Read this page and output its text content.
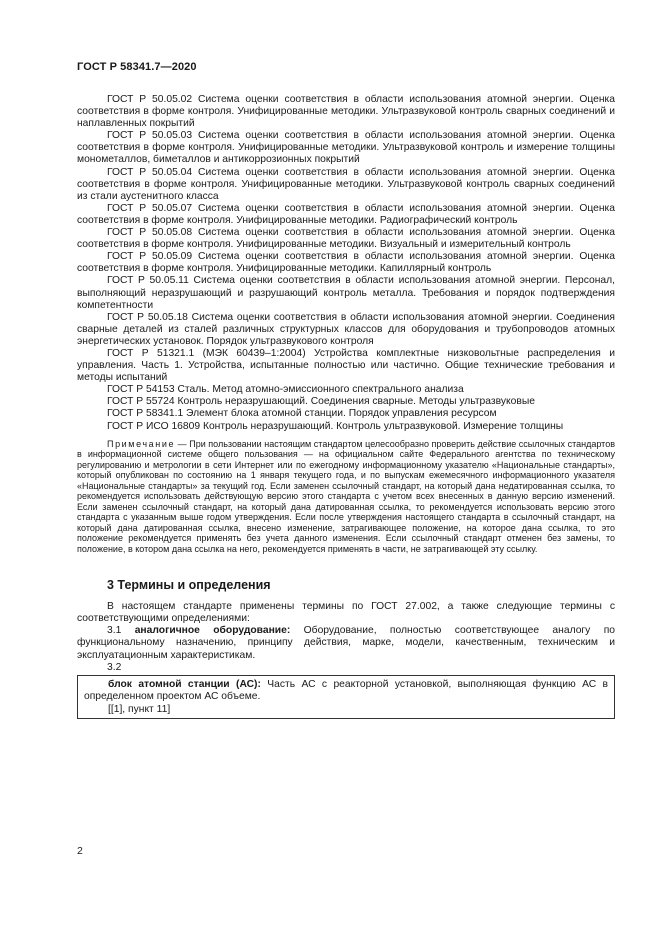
ГОСТ Р 58341.7—2020

ГОСТ Р 50.05.02 Система оценки соответствия в области использования атомной энергии. Оценка соответствия в форме контроля. Унифицированные методики. Ультразвуковой контроль сварных соединений и наплавленных покрытий

ГОСТ Р 50.05.03 Система оценки соответствия в области использования атомной энергии. Оценка соответствия в форме контроля. Унифицированные методики. Ультразвуковой контроль и измерение толщины монометаллов, биметаллов и антикоррозионных покрытий

ГОСТ Р 50.05.04 Система оценки соответствия в области использования атомной энергии. Оценка соответствия в форме контроля. Унифицированные методики. Ультразвуковой контроль сварных соединений из стали аустенитного класса

ГОСТ Р 50.05.07 Система оценки соответствия в области использования атомной энергии. Оценка соответствия в форме контроля. Унифицированные методики. Радиографический контроль

ГОСТ Р 50.05.08 Система оценки соответствия в области использования атомной энергии. Оценка соответствия в форме контроля. Унифицированные методики. Визуальный и измерительный контроль

ГОСТ Р 50.05.09 Система оценки соответствия в области использования атомной энергии. Оценка соответствия в форме контроля. Унифицированные методики. Капиллярный контроль

ГОСТ Р 50.05.11 Система оценки соответствия в области использования атомной энергии. Персонал, выполняющий неразрушающий и разрушающий контроль металла. Требования и порядок подтверждения компетентности

ГОСТ Р 50.05.18 Система оценки соответствия в области использования атомной энергии. Соединения сварные деталей из сталей различных структурных классов для оборудования и трубопроводов атомных энергетических установок. Порядок ультразвукового контроля

ГОСТ Р 51321.1 (МЭК 60439–1:2004) Устройства комплектные низковольтные распределения и управления. Часть 1. Устройства, испытанные полностью или частично. Общие технические требования и методы испытаний

ГОСТ Р 54153 Сталь. Метод атомно-эмиссионного спектрального анализа

ГОСТ Р 55724 Контроль неразрушающий. Соединения сварные. Методы ультразвуковые

ГОСТ Р 58341.1 Элемент блока атомной станции. Порядок управления ресурсом

ГОСТ Р ИСО 16809 Контроль неразрушающий. Контроль ультразвуковой. Измерение толщины

Примечание — При пользовании настоящим стандартом целесообразно проверить действие ссылочных стандартов в информационной системе общего пользования — на официальном сайте Федерального агентства по техническому регулированию и метрологии в сети Интернет или по ежегодному информационному указателю «Национальные стандарты», который опубликован по состоянию на 1 января текущего года, и по выпускам ежемесячного информационного указателя «Национальные стандарты» за текущий год. Если заменен ссылочный стандарт, на который дана недатированная ссылка, то рекомендуется использовать действующую версию этого стандарта с учетом всех внесенных в данную версию изменений. Если заменен ссылочный стандарт, на который дана датированная ссылка, то рекомендуется использовать версию этого стандарта с указанным выше годом утверждения. Если после утверждения настоящего стандарта в ссылочный стандарт, на который дана датированная ссылка, внесено изменение, затрагивающее положение, на которое дана ссылка, то это положение рекомендуется применять без учета данного изменения. Если ссылочный стандарт отменен без замены, то положение, в котором дана ссылка на него, рекомендуется применять в части, не затрагивающей эту ссылку.

3 Термины и определения

В настоящем стандарте применены термины по ГОСТ 27.002, а также следующие термины с соответствующими определениями:

3.1 аналогичное оборудование: Оборудование, полностью соответствующее аналогу по функциональному назначению, принципу действия, марке, модели, качественным, техническим и эксплуатационным характеристикам.

3.2

блок атомной станции (АС): Часть АС с реакторной установкой, выполняющая функцию АС в определенном проектом АС объеме.

[[1], пункт 11]

2
